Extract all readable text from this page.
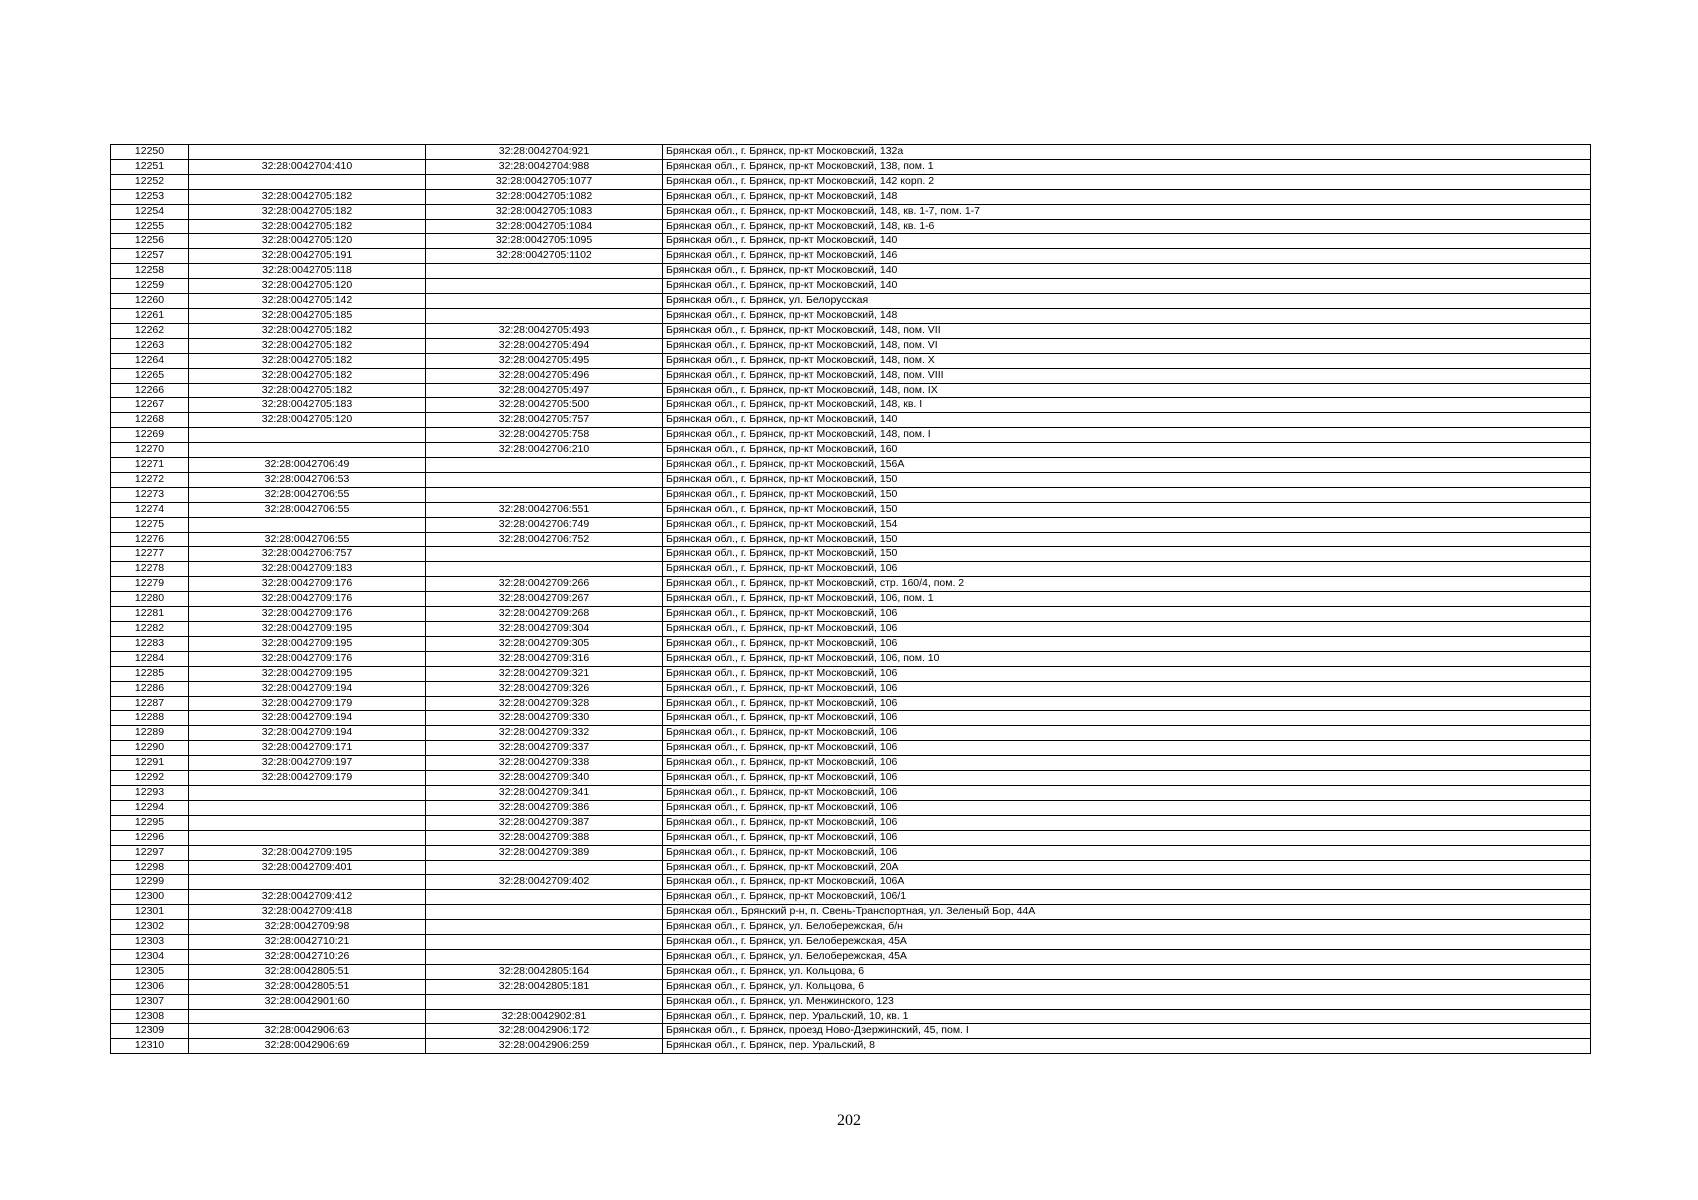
12250		32:28:0042704:921	Брянская обл., г. Брянск, пр-кт Московский, 132а
12251	32:28:0042704:410	32:28:0042704:988	Брянская обл., г. Брянск, пр-кт Московский, 138, пом. 1
12252		32:28:0042705:1077	Брянская обл., г. Брянск, пр-кт Московский, 142 корп. 2
12253	32:28:0042705:182	32:28:0042705:1082	Брянская обл., г. Брянск, пр-кт Московский, 148
12254	32:28:0042705:182	32:28:0042705:1083	Брянская обл., г. Брянск, пр-кт Московский, 148, кв. 1-7, пом. 1-7
12255	32:28:0042705:182	32:28:0042705:1084	Брянская обл., г. Брянск, пр-кт Московский, 148, кв. 1-6
12256	32:28:0042705:120	32:28:0042705:1095	Брянская обл., г. Брянск, пр-кт Московский, 140
12257	32:28:0042705:191	32:28:0042705:1102	Брянская обл., г. Брянск, пр-кт Московский, 146
12258	32:28:0042705:118		Брянская обл., г. Брянск, пр-кт Московский, 140
12259	32:28:0042705:120		Брянская обл., г. Брянск, пр-кт Московский, 140
12260	32:28:0042705:142		Брянская обл., г. Брянск, ул. Белорусская
12261	32:28:0042705:185		Брянская обл., г. Брянск, пр-кт Московский, 148
12262	32:28:0042705:182	32:28:0042705:493	Брянская обл., г. Брянск, пр-кт Московский, 148, пом. VII
12263	32:28:0042705:182	32:28:0042705:494	Брянская обл., г. Брянск, пр-кт Московский, 148, пом. VI
12264	32:28:0042705:182	32:28:0042705:495	Брянская обл., г. Брянск, пр-кт Московский, 148, пом. X
12265	32:28:0042705:182	32:28:0042705:496	Брянская обл., г. Брянск, пр-кт Московский, 148, пом. VIII
12266	32:28:0042705:182	32:28:0042705:497	Брянская обл., г. Брянск, пр-кт Московский, 148, пом. IX
12267	32:28:0042705:183	32:28:0042705:500	Брянская обл., г. Брянск, пр-кт Московский, 148, кв. I
12268	32:28:0042705:120	32:28:0042705:757	Брянская обл., г. Брянск, пр-кт Московский, 140
12269		32:28:0042705:758	Брянская обл., г. Брянск, пр-кт Московский, 148, пом. I
12270		32:28:0042706:210	Брянская обл., г. Брянск, пр-кт Московский, 160
12271	32:28:0042706:49		Брянская обл., г. Брянск, пр-кт Московский, 156А
12272	32:28:0042706:53		Брянская обл., г. Брянск, пр-кт Московский, 150
12273	32:28:0042706:55		Брянская обл., г. Брянск, пр-кт Московский, 150
12274	32:28:0042706:55	32:28:0042706:551	Брянская обл., г. Брянск, пр-кт Московский, 150
12275		32:28:0042706:749	Брянская обл., г. Брянск, пр-кт Московский, 154
12276	32:28:0042706:55	32:28:0042706:752	Брянская обл., г. Брянск, пр-кт Московский, 150
12277	32:28:0042706:757		Брянская обл., г. Брянск, пр-кт Московский, 150
12278	32:28:0042709:183		Брянская обл., г. Брянск, пр-кт Московский, 106
12279	32:28:0042709:176	32:28:0042709:266	Брянская обл., г. Брянск, пр-кт Московский, стр. 160/4, пом. 2
12280	32:28:0042709:176	32:28:0042709:267	Брянская обл., г. Брянск, пр-кт Московский, 106, пом. 1
12281	32:28:0042709:176	32:28:0042709:268	Брянская обл., г. Брянск, пр-кт Московский, 106
12282	32:28:0042709:195	32:28:0042709:304	Брянская обл., г. Брянск, пр-кт Московский, 106
12283	32:28:0042709:195	32:28:0042709:305	Брянская обл., г. Брянск, пр-кт Московский, 106
12284	32:28:0042709:176	32:28:0042709:316	Брянская обл., г. Брянск, пр-кт Московский, 106, пом. 10
12285	32:28:0042709:195	32:28:0042709:321	Брянская обл., г. Брянск, пр-кт Московский, 106
12286	32:28:0042709:194	32:28:0042709:326	Брянская обл., г. Брянск, пр-кт Московский, 106
12287	32:28:0042709:179	32:28:0042709:328	Брянская обл., г. Брянск, пр-кт Московский, 106
12288	32:28:0042709:194	32:28:0042709:330	Брянская обл., г. Брянск, пр-кт Московский, 106
12289	32:28:0042709:194	32:28:0042709:332	Брянская обл., г. Брянск, пр-кт Московский, 106
12290	32:28:0042709:171	32:28:0042709:337	Брянская обл., г. Брянск, пр-кт Московский, 106
12291	32:28:0042709:197	32:28:0042709:338	Брянская обл., г. Брянск, пр-кт Московский, 106
12292	32:28:0042709:179	32:28:0042709:340	Брянская обл., г. Брянск, пр-кт Московский, 106
12293		32:28:0042709:341	Брянская обл., г. Брянск, пр-кт Московский, 106
12294		32:28:0042709:386	Брянская обл., г. Брянск, пр-кт Московский, 106
12295		32:28:0042709:387	Брянская обл., г. Брянск, пр-кт Московский, 106
12296		32:28:0042709:388	Брянская обл., г. Брянск, пр-кт Московский, 106
12297	32:28:0042709:195	32:28:0042709:389	Брянская обл., г. Брянск, пр-кт Московский, 106
12298	32:28:0042709:401		Брянская обл., г. Брянск, пр-кт Московский, 20А
12299		32:28:0042709:402	Брянская обл., г. Брянск, пр-кт Московский, 106А
12300	32:28:0042709:412		Брянская обл., г. Брянск, пр-кт Московский, 106/1
12301	32:28:0042709:418		Брянская обл., Брянский р-н, п. Свень-Транспортная, ул. Зеленый Бор, 44А
12302	32:28:0042709:98		Брянская обл., г. Брянск, ул. Белобережская, б/н
12303	32:28:0042710:21		Брянская обл., г. Брянск, ул. Белобережская, 45А
12304	32:28:0042710:26		Брянская обл., г. Брянск, ул. Белобережская, 45А
12305	32:28:0042805:51	32:28:0042805:164	Брянская обл., г. Брянск, ул. Кольцова, 6
12306	32:28:0042805:51	32:28:0042805:181	Брянская обл., г. Брянск, ул. Кольцова, 6
12307	32:28:0042901:60		Брянская обл., г. Брянск, ул. Менжинского, 123
12308		32:28:0042902:81	Брянская обл., г. Брянск, пер. Уральский, 10, кв. 1
12309	32:28:0042906:63	32:28:0042906:172	Брянская обл., г. Брянск, проезд Ново-Дзержинский, 45, пом. I
12310	32:28:0042906:69	32:28:0042906:259	Брянская обл., г. Брянск, пер. Уральский, 8
202
